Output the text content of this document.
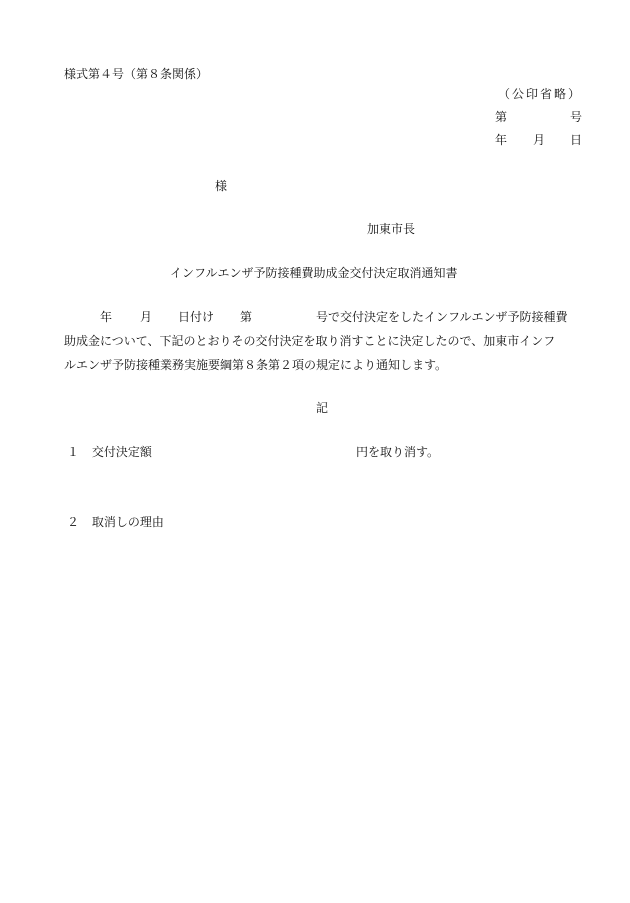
様式第４号（第８条関係）
（公印省略）
第	号
年 月 日
様
加東市長
インフルエンザ予防接種費助成金交付決定取消通知書
年 月 日付け 第	号で交付決定をしたインフルエンザ予防接種費
助成金について、下記のとおりその交付決定を取り消すことに決定したので、加東市インフ
ルエンザ予防接種業務実施要綱第８条第２項の規定により通知します。
記
１ 交付決定額	円を取り消す。
２ 取消しの理由
